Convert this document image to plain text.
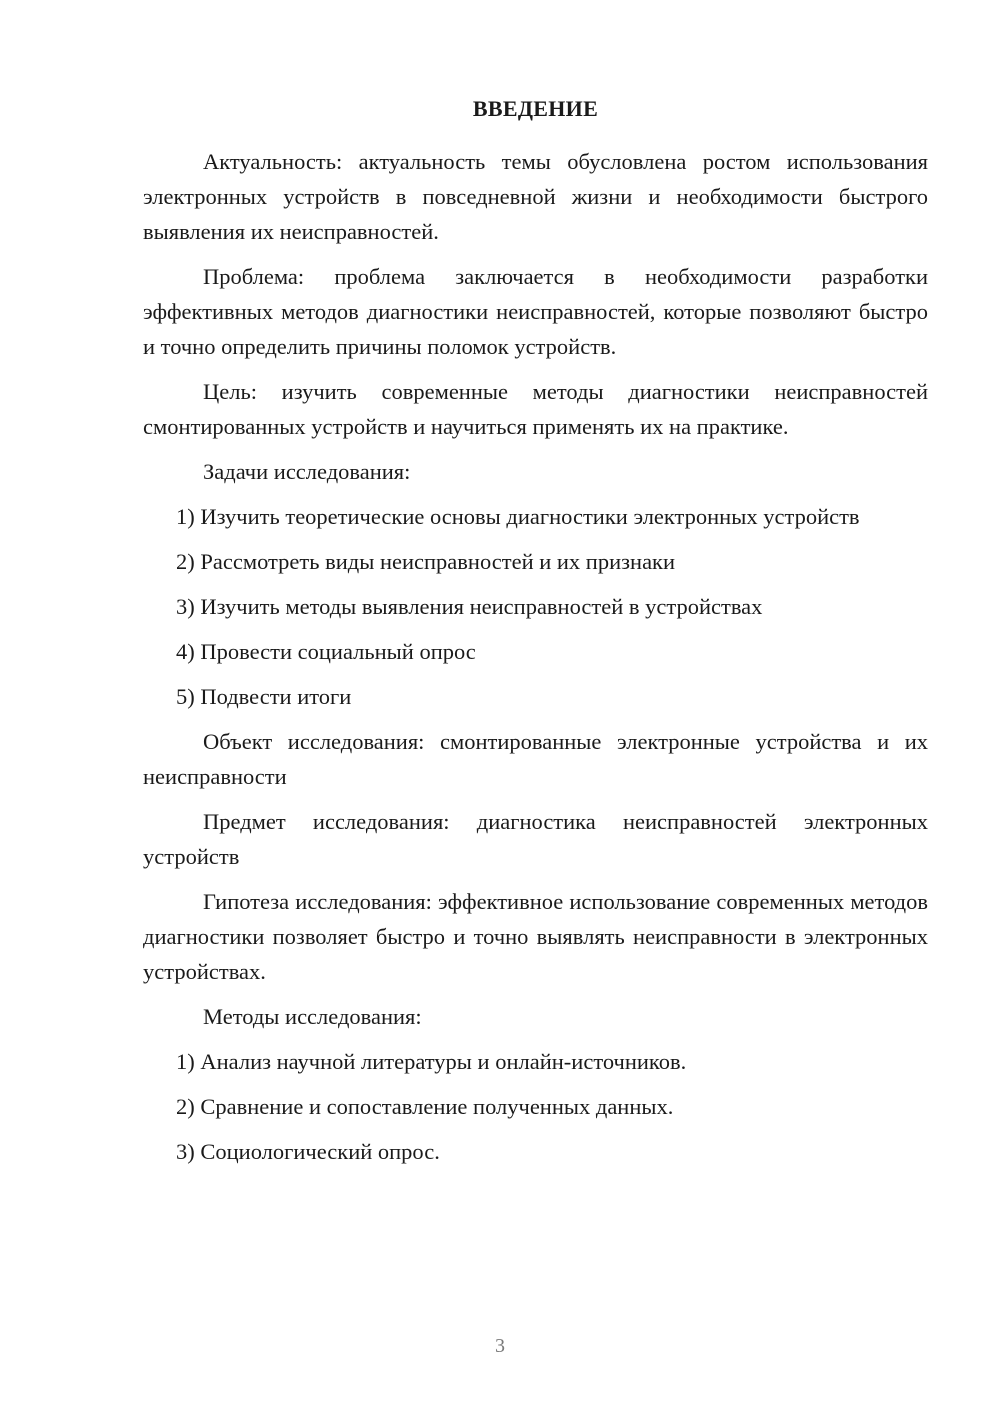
ВВЕДЕНИЕ

Актуальность: актуальность темы обусловлена ростом использования электронных устройств в повседневной жизни и необходимости быстрого выявления их неисправностей.

Проблема: проблема заключается в необходимости разработки эффективных методов диагностики неисправностей, которые позволяют быстро и точно определить причины поломок устройств.

Цель: изучить современные методы диагностики неисправностей смонтированных устройств и научиться применять их на практике.

Задачи исследования:

1) Изучить теоретические основы диагностики электронных устройств

2) Рассмотреть виды неисправностей и их признаки

3) Изучить методы выявления неисправностей в устройствах

4) Провести социальный опрос

5) Подвести итоги

Объект исследования: смонтированные электронные устройства и их неисправности

Предмет исследования: диагностика неисправностей электронных устройств

Гипотеза исследования: эффективное использование современных методов диагностики позволяет быстро и точно выявлять неисправности в электронных устройствах.

Методы исследования:

1) Анализ научной литературы и онлайн-источников.

2) Сравнение и сопоставление полученных данных.

3) Социологический опрос.

3
